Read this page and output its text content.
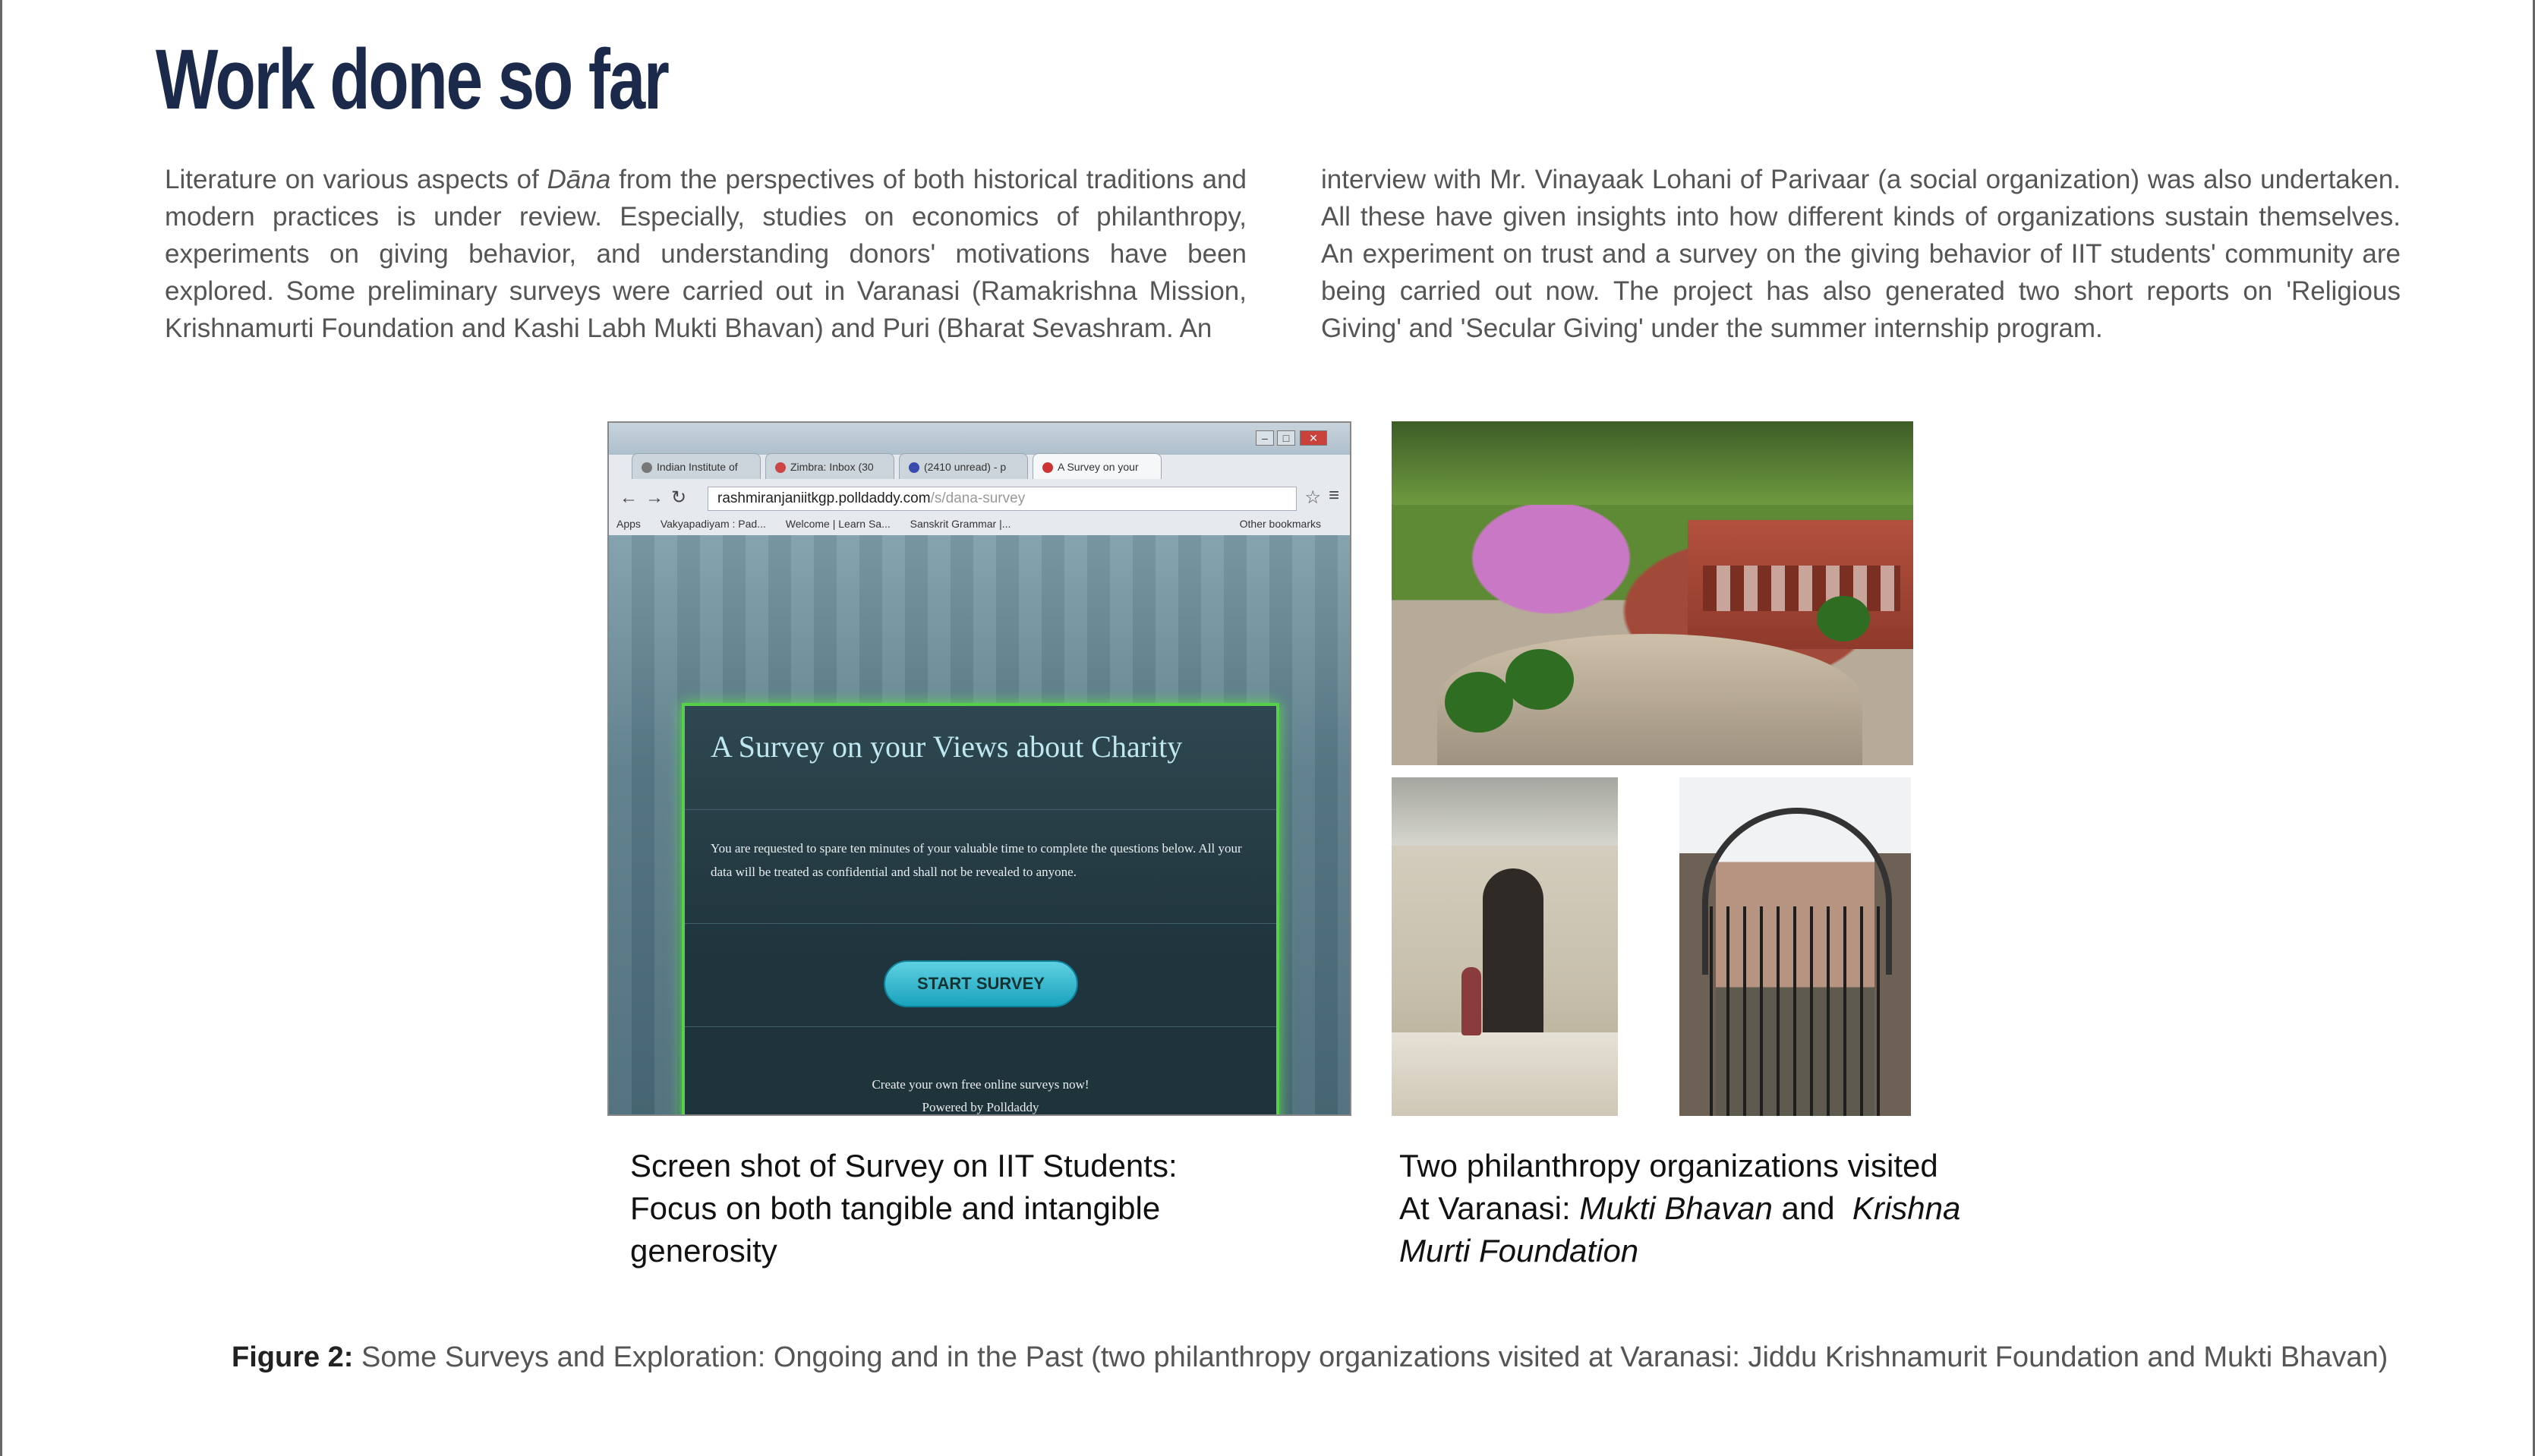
Work done so far
Literature on various aspects of Dāna from the perspectives of both historical traditions and modern practices is under review. Especially, studies on economics of philanthropy, experiments on giving behavior, and understanding donors' motivations have been explored. Some preliminary surveys were carried out in Varanasi (Ramakrishna Mission, Krishnamurti Foundation and Kashi Labh Mukti Bhavan) and Puri (Bharat Sevashram. An
interview with Mr. Vinayaak Lohani of Parivaar (a social organization) was also undertaken. All these have given insights into how different kinds of organizations sustain themselves. An experiment on trust and a survey on the giving behavior of IIT students' community are being carried out now. The project has also generated two short reports on 'Religious Giving' and 'Secular Giving' under the summer internship program.
–	□	✕
Indian Institute of	Zimbra: Inbox (30	(2410 unread) - p	A Survey on your
← → ↻	rashmiranjaniitkgp.polldaddy.com/s/dana-survey	☆ ≡
Apps Vakyapadiyam : Pad... Welcome | Learn Sa... Sanskrit Grammar |...	Other bookmarks
A Survey on your Views about Charity
You are requested to spare ten minutes of your valuable time to complete the questions below. All your data will be treated as confidential and shall not be revealed to anyone.
START SURVEY
Create your own free online surveys now!
Powered by Polldaddy
Screen shot of Survey on IIT Students:
Focus on both tangible and intangible
generosity
Two philanthropy organizations visited
At Varanasi: Mukti Bhavan and  Krishna
Murti Foundation
Figure 2: Some Surveys and Exploration: Ongoing and in the Past (two philanthropy organizations visited at Varanasi: Jiddu Krishnamurit Foundation and Mukti Bhavan)
